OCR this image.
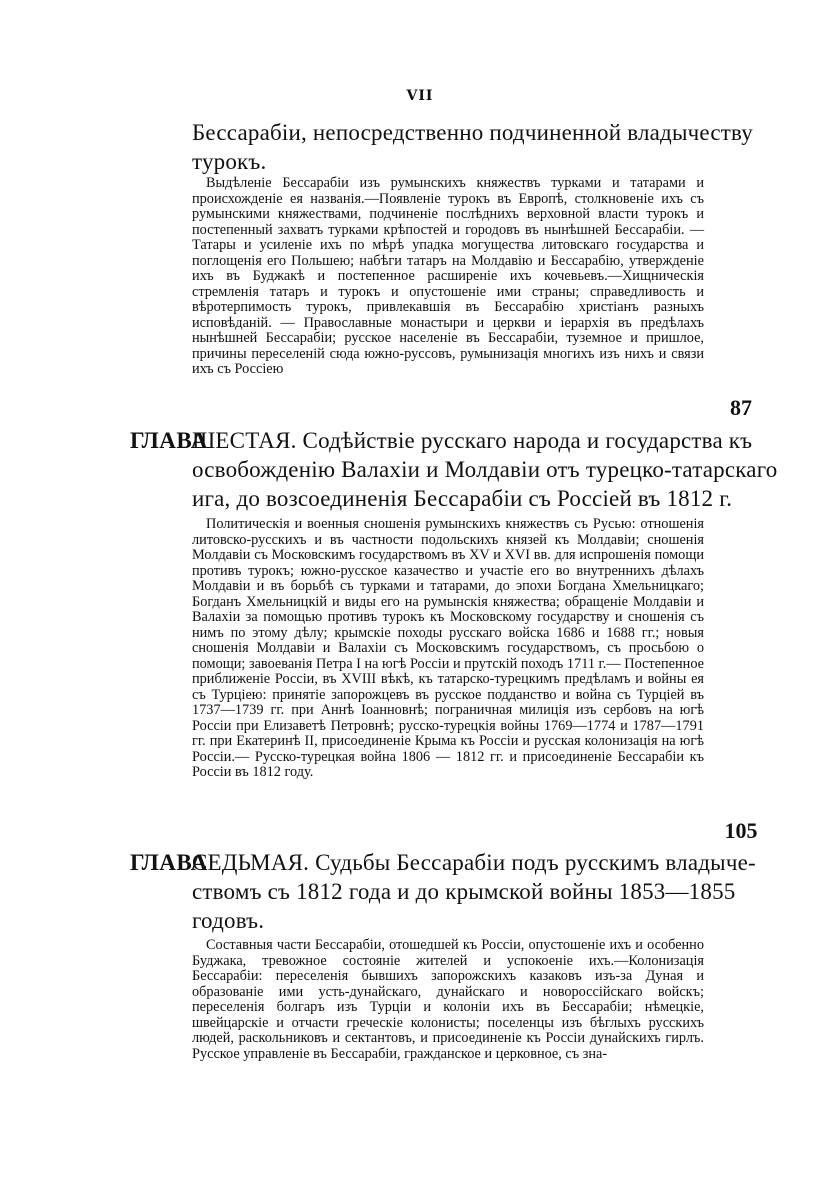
VII
Бессарабіи, непосредственно подчиненной владычеству
турокъ.
Выдѣленіе Бессарабіи изъ румынскихъ княжествъ турками и татарами и происхожденіе ея названія.—Появленіе турокъ въ Европѣ, столкновеніе ихъ съ румынскими княжествами, подчиненіе послѣднихъ верховной власти турокъ и постепенный захватъ турками крѣпостей и городовъ въ нынѣшней Бессарабіи. — Татары и усиленіе ихъ по мѣрѣ упадка могущества литовскаго государства и поглощенія его Польшею; набѣги татаръ на Молдавію и Бессарабію, утвержденіе ихъ въ Буджакѣ и постепенное расширеніе ихъ кочевьевъ.—Хищническія стремленія татаръ и турокъ и опустошеніе ими страны; справедливость и вѣротерпимость турокъ, привлекавшія въ Бессарабію христіанъ разныхъ исповѣданій. — Православные монастыри и церкви и іерархія въ предѣлахъ нынѣшней Бессарабіи; русское населеніе въ Бессарабіи, туземное и пришлое, причины переселеній сюда южно-руссовъ, румынизація многихъ изъ нихъ и связи ихъ съ Россіею
87
ГЛАВА
ШЕСТАЯ. Содѣйствіе русскаго народа и государства къ
освобожденію Валахіи и Молдавіи отъ турецко-татарскаго
ига, до возсоединенія Бессарабіи съ Россіей въ 1812 г.
Политическія и военныя сношенія румынскихъ княжествъ съ Русью: отношенія литовско-русскихъ и въ частности подольскихъ князей къ Молдавіи; сношенія Молдавіи съ Московскимъ государствомъ въ XV и XVI вв. для испрошенія помощи противъ турокъ; южно-русское казачество и участіе его во внутреннихъ дѣлахъ Молдавіи и въ борьбѣ съ турками и татарами, до эпохи Богдана Хмельницкаго; Богданъ Хмельницкій и виды его на румынскія княжества; обращеніе Молдавіи и Валахіи за помощью противъ турокъ къ Московскому государству и сношенія съ нимъ по этому дѣлу; крымскіе походы русскаго войска 1686 и 1688 гг.; новыя сношенія Молдавіи и Валахіи съ Московскимъ государствомъ, съ просьбою о помощи; завоеванія Петра I на югѣ Россіи и прутскій походъ 1711 г.— Постепенное приближеніе Россіи, въ XVIII вѣкѣ, къ татарско-турецкимъ предѣламъ и войны ея съ Турціею: принятіе запорожцевъ въ русское подданство и война съ Турціей въ 1737—1739 гг. при Аннѣ Іоанновнѣ; пограничная милиція изъ сербовъ на югѣ Россіи при Елизаветѣ Петровнѣ; русско-турецкія войны 1769—1774 и 1787—1791 гг. при Екатеринѣ II, присоединеніе Крыма къ Россіи и русская колонизація на югѣ Россіи.— Русско-турецкая война 1806 — 1812 гг. и присоединеніе Бессарабіи къ Россіи въ 1812 году.
105
ГЛАВА
СЕДЬМАЯ. Судьбы Бессарабіи подъ русскимъ владычe-
ствомъ съ 1812 года и до крымской войны 1853—1855
годовъ.
Составныя части Бессарабіи, отошедшей къ Россіи, опустошеніе ихъ и особенно Буджака, тревожное состояніе жителей и успокоеніе ихъ.—Колонизація Бессарабіи: переселенія бывшихъ запорожскихъ казаковъ изъ-за Дуная и образованіе ими усть-дунайскаго, дунайскаго и новороссійскаго войскъ; переселенія болгаръ изъ Турціи и колоніи ихъ въ Бессарабіи; нѣмецкіе, швейцарскіе и отчасти греческіе колонисты; поселенцы изъ бѣглыхъ русскихъ людей, раскольниковъ и сектантовъ, и присоединеніе къ Россіи дунайскихъ гирлъ. Русское управленіе въ Бессарабіи, гражданское и церковное, съ зна-
